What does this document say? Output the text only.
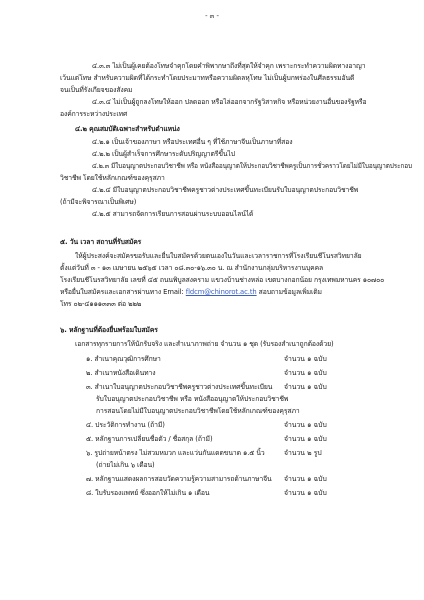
- ๓ -
๔.๓.๓ ไม่เป็นผู้เคยต้องโทษจำคุกโดยคำพิพากษาถึงที่สุดให้จำคุก เพราะกระทำความผิดทางอาญา
เว้นแต่โทษ สำหรับความผิดที่ได้กระทำโดยประมาทหรือความผิดลหุโทษ ไม่เป็นผู้บกพร่องในศีลธรรมอันดี
จนเป็นที่รังเกียจของสังคม
๔.๓.๔ ไม่เป็นผู้ถูกลงโทษให้ออก ปลดออก หรือไล่ออกจากรัฐวิสาหกิจ หรือหน่วยงานอื่นของรัฐหรือ
องค์การระหว่างประเทศ
๔.๒ คุณสมบัติเฉพาะสำหรับตำแหน่ง
๔.๒.๑ เป็นเจ้าของภาษา หรือประเทศอื่น ๆ ที่ใช้ภาษาจีนเป็นภาษาที่สอง
๔.๒.๒ เป็นผู้สำเร็จการศึกษาระดับปริญญาตรีขึ้นไป
๔.๒.๓ มีใบอนุญาตประกอบวิชาชีพ หรือ หนังสืออนุญาตให้ประกอบวิชาชีพครูเป็นการชั่วคราวโดยไม่มีใบอนุญาตประกอบ
วิชาชีพ โดยใช้หลักเกณฑ์ของคุรุสภา
๔.๒.๔ มีใบอนุญาตประกอบวิชาชีพครูชาวต่างประเทศขึ้นทะเบียนรับใบอนุญาตประกอบวิชาชีพ
(ถ้ามีจะพิจารณาเป็นพิเศษ)
๔.๒.๕ สามารถจัดการเรียนการสอนผ่านระบบออนไลน์ได้
๕. วัน เวลา สถานที่รับสมัคร
ให้ผู้ประสงค์จะสมัครขอรับและยื่นใบสมัครด้วยตนเองในวันและเวลาราชการที่โรงเรียนชีโนรสวิทยาลัย
ตั้งแต่วันที่ ๓ - ๑๓ เมษายน ๒๕๖๕ เวลา ๐๘.๓๐-๑๖.๓๐ น. ณ สำนักงานกลุ่มบริหารงานบุคคล
โรงเรียนชีโนรสวิทยาลัย เลขที่ ๔๕ ถนนพิบูลสงคราม แขวงบ้านช่างหล่อ เขตบางกอกน้อย กรุงเทพมหานคร ๑๐๗๐๐
หรือยื่นใบสมัครและเอกสารผ่านทาง Email: fldcm@chinorot.ac.th สอบถามข้อมูลเพิ่มเติม
โทร ๐๒-๔๑๑๑๓๓๓ ต่อ ๒๒๒
๖. หลักฐานที่ต้องยื่นพร้อมใบสมัคร
เอกสารทุกรายการให้นักรับจริง และสำเนาภาพถ่าย จำนวน ๑ ชุด (รับรองสำเนาถูกต้องด้วย)
๑. สำเนาคุณวุฒิการศึกษา	จำนวน ๑ ฉบับ
๒. สำเนาหนังสือเดินทาง	จำนวน ๑ ฉบับ
๓. สำเนาใบอนุญาตประกอบวิชาชีพครูชาวต่างประเทศขึ้นทะเบียน จำนวน ๑ ฉบับ
รับใบอนุญาตประกอบวิชาชีพ หรือ หนังสืออนุญาตให้ประกอบวิชาชีพ
การสอนโดยไม่มีใบอนุญาตประกอบวิชาชีพโดยใช้หลักเกณฑ์ของคุรุสภา
๔. ประวัติการทำงาน (ถ้ามี)	จำนวน ๑ ฉบับ
๕. หลักฐานการเปลี่ยนชื่อตัว / ชื่อสกุล (ถ้ามี)	จำนวน ๑ ฉบับ
๖. รูปถ่ายหน้าตรง ไม่สวมหมวก และแว่นกันแดดขนาด ๑.๕ นิ้ว	จำนวน ๒ รูป
(ถ่ายไม่เกิน ๖ เดือน)
๗. หลักฐานแสดงผลการสอบวัดความรู้ความสามารถด้านภาษาจีน จำนวน ๑ ฉบับ
๘. ใบรับรองแพทย์ ซึ่งออกให้ไม่เกิน ๑ เดือน	จำนวน ๑ ฉบับ
